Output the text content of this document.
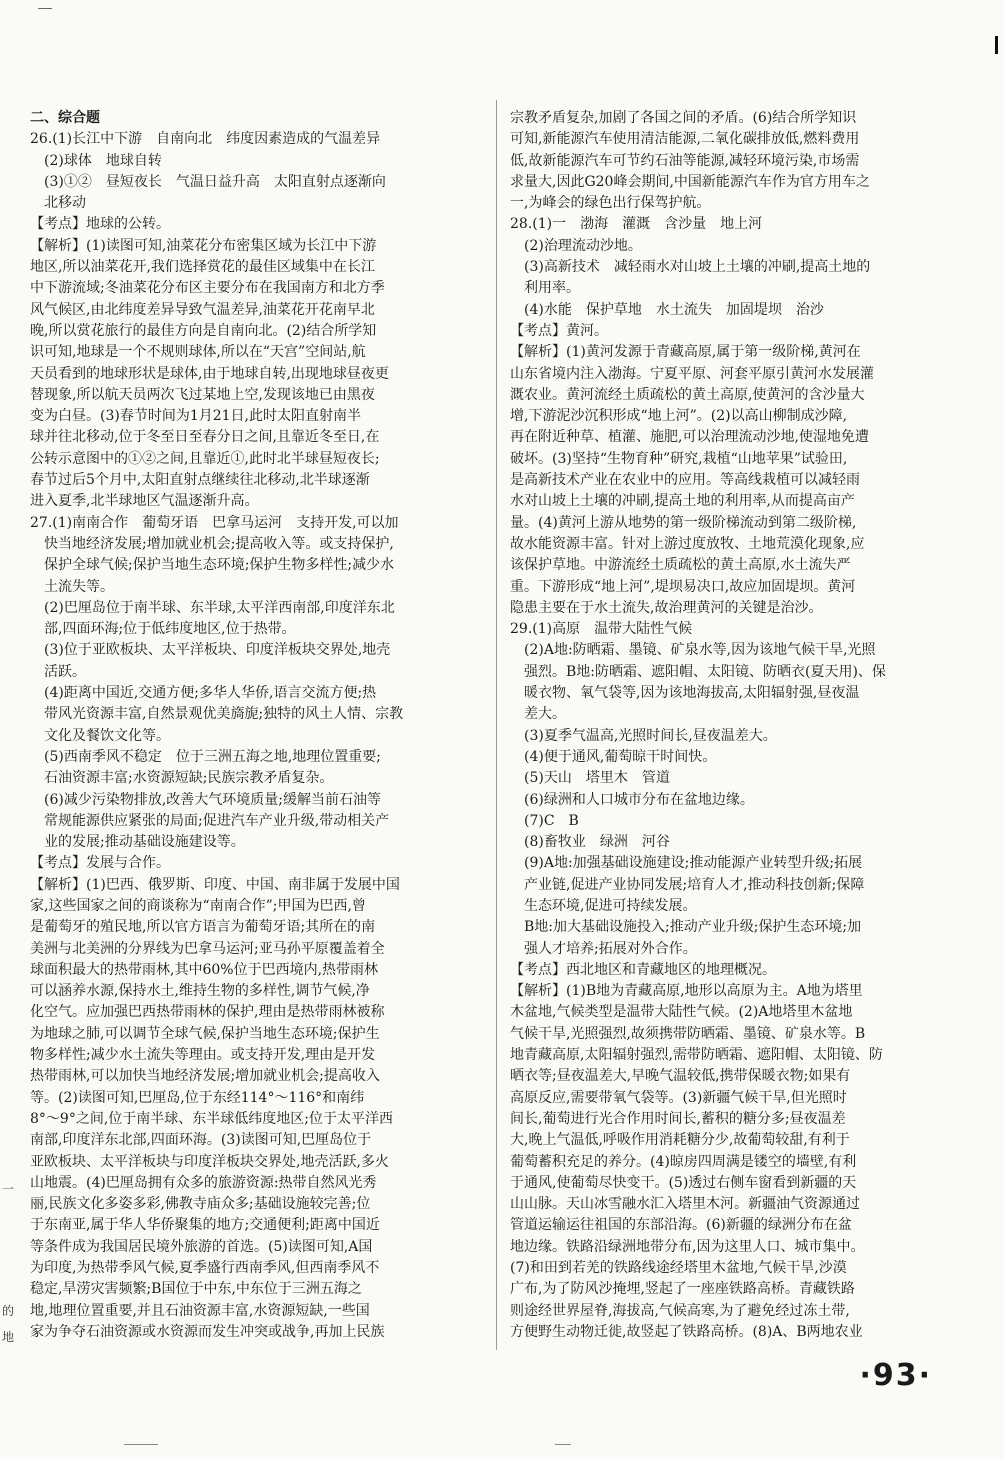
一
的
地
二、综合题
26.(1)长江中下游　自南向北　纬度因素造成的气温差异
　(2)球体　地球自转
　(3)①②　昼短夜长　气温日益升高　太阳直射点逐渐向
　北移动
【考点】地球的公转。
【解析】(1)读图可知,油菜花分布密集区域为长江中下游
地区,所以油菜花开,我们选择赏花的最佳区域集中在长江
中下游流域;冬油菜花分布区主要分布在我国南方和北方季
风气候区,由北纬度差异导致气温差异,油菜花开花南早北
晚,所以赏花旅行的最佳方向是自南向北。(2)结合所学知
识可知,地球是一个不规则球体,所以在“天宫”空间站,航
天员看到的地球形状是球体,由于地球自转,出现地球昼夜更
替现象,所以航天员两次飞过某地上空,发现该地已由黑夜
变为白昼。(3)春节时间为1月21日,此时太阳直射南半
球并往北移动,位于冬至日至春分日之间,且靠近冬至日,在
公转示意图中的①②之间,且靠近①,此时北半球昼短夜长;
春节过后5个月中,太阳直射点继续往北移动,北半球逐渐
进入夏季,北半球地区气温逐渐升高。
27.(1)南南合作　葡萄牙语　巴拿马运河　支持开发,可以加
　快当地经济发展;增加就业机会;提高收入等。或支持保护,
　保护全球气候;保护当地生态环境;保护生物多样性;减少水
　土流失等。
　(2)巴厘岛位于南半球、东半球,太平洋西南部,印度洋东北
　部,四面环海;位于低纬度地区,位于热带。
　(3)位于亚欧板块、太平洋板块、印度洋板块交界处,地壳
　活跃。
　(4)距离中国近,交通方便;多华人华侨,语言交流方便;热
　带风光资源丰富,自然景观优美旖旎;独特的风土人情、宗教
　文化及餐饮文化等。
　(5)西南季风不稳定　位于三洲五海之地,地理位置重要;
　石油资源丰富;水资源短缺;民族宗教矛盾复杂。
　(6)减少污染物排放,改善大气环境质量;缓解当前石油等
　常规能源供应紧张的局面;促进汽车产业升级,带动相关产
　业的发展;推动基础设施建设等。
【考点】发展与合作。
【解析】(1)巴西、俄罗斯、印度、中国、南非属于发展中国
家,这些国家之间的商谈称为“南南合作”;甲国为巴西,曾
是葡萄牙的殖民地,所以官方语言为葡萄牙语;其所在的南
美洲与北美洲的分界线为巴拿马运河;亚马孙平原覆盖着全
球面积最大的热带雨林,其中60%位于巴西境内,热带雨林
可以涵养水源,保持水土,维持生物的多样性,调节气候,净
化空气。应加强巴西热带雨林的保护,理由是热带雨林被称
为地球之肺,可以调节全球气候,保护当地生态环境;保护生
物多样性;减少水土流失等理由。或支持开发,理由是开发
热带雨林,可以加快当地经济发展;增加就业机会;提高收入
等。(2)读图可知,巴厘岛,位于东经114°～116°和南纬
8°～9°之间,位于南半球、东半球低纬度地区;位于太平洋西
南部,印度洋东北部,四面环海。(3)读图可知,巴厘岛位于
亚欧板块、太平洋板块与印度洋板块交界处,地壳活跃,多火
山地震。(4)巴厘岛拥有众多的旅游资源:热带自然风光秀
丽,民族文化多姿多彩,佛教寺庙众多;基础设施较完善;位
于东南亚,属于华人华侨聚集的地方;交通便利;距离中国近
等条件成为我国居民境外旅游的首选。(5)读图可知,A国
为印度,为热带季风气候,夏季盛行西南季风,但西南季风不
稳定,旱涝灾害频繁;B国位于中东,中东位于三洲五海之
地,地理位置重要,并且石油资源丰富,水资源短缺,一些国
家为争夺石油资源或水资源而发生冲突或战争,再加上民族
宗教矛盾复杂,加剧了各国之间的矛盾。(6)结合所学知识
可知,新能源汽车使用清洁能源,二氧化碳排放低,燃料费用
低,故新能源汽车可节约石油等能源,减轻环境污染,市场需
求量大,因此G20峰会期间,中国新能源汽车作为官方用车之
一,为峰会的绿色出行保驾护航。
28.(1)一　渤海　灌溉　含沙量　地上河
　(2)治理流动沙地。
　(3)高新技术　减轻雨水对山坡上土壤的冲刷,提高土地的
　利用率。
　(4)水能　保护草地　水土流失　加固堤坝　治沙
【考点】黄河。
【解析】(1)黄河发源于青藏高原,属于第一级阶梯,黄河在
山东省境内注入渤海。宁夏平原、河套平原引黄河水发展灌
溉农业。黄河流经土质疏松的黄土高原,使黄河的含沙量大
增,下游泥沙沉积形成“地上河”。(2)以高山柳制成沙障,
再在附近种草、植灌、施肥,可以治理流动沙地,使湿地免遭
破坏。(3)坚持“生物育种”研究,栽植“山地苹果”试验田,
是高新技术产业在农业中的应用。等高线栽植可以减轻雨
水对山坡上土壤的冲刷,提高土地的利用率,从而提高亩产
量。(4)黄河上游从地势的第一级阶梯流动到第二级阶梯,
故水能资源丰富。针对上游过度放牧、土地荒漠化现象,应
该保护草地。中游流经土质疏松的黄土高原,水土流失严
重。下游形成“地上河”,堤坝易决口,故应加固堤坝。黄河
隐患主要在于水土流失,故治理黄河的关键是治沙。
29.(1)高原　温带大陆性气候
　(2)A地:防晒霜、墨镜、矿泉水等,因为该地气候干旱,光照
　强烈。B地:防晒霜、遮阳帽、太阳镜、防晒衣(夏天用)、保
　暖衣物、氧气袋等,因为该地海拔高,太阳辐射强,昼夜温
　差大。
　(3)夏季气温高,光照时间长,昼夜温差大。
　(4)便于通风,葡萄晾干时间快。
　(5)天山　塔里木　管道
　(6)绿洲和人口城市分布在盆地边缘。
　(7)C　B
　(8)畜牧业　绿洲　河谷
　(9)A地:加强基础设施建设;推动能源产业转型升级;拓展
　产业链,促进产业协同发展;培育人才,推动科技创新;保障
　生态环境,促进可持续发展。
　B地:加大基础设施投入;推动产业升级;保护生态环境;加
　强人才培养;拓展对外合作。
【考点】西北地区和青藏地区的地理概况。
【解析】(1)B地为青藏高原,地形以高原为主。A地为塔里
木盆地,气候类型是温带大陆性气候。(2)A地塔里木盆地
气候干旱,光照强烈,故须携带防晒霜、墨镜、矿泉水等。B
地青藏高原,太阳辐射强烈,需带防晒霜、遮阳帽、太阳镜、防
晒衣等;昼夜温差大,早晚气温较低,携带保暖衣物;如果有
高原反应,需要带氧气袋等。(3)新疆气候干旱,但光照时
间长,葡萄进行光合作用时间长,蓄积的糖分多;昼夜温差
大,晚上气温低,呼吸作用消耗糖分少,故葡萄较甜,有利于
葡萄蓄积充足的养分。(4)晾房四周满是镂空的墙壁,有利
于通风,使葡萄尽快变干。(5)透过右侧车窗看到新疆的天
山山脉。天山冰雪融水汇入塔里木河。新疆油气资源通过
管道运输运往祖国的东部沿海。(6)新疆的绿洲分布在盆
地边缘。铁路沿绿洲地带分布,因为这里人口、城市集中。
(7)和田到若羌的铁路线途经塔里木盆地,气候干旱,沙漠
广布,为了防风沙掩埋,竖起了一座座铁路高桥。青藏铁路
则途经世界屋脊,海拔高,气候高寒,为了避免经过冻土带,
方便野生动物迁徙,故竖起了铁路高桥。(8)A、B两地农业
·93·
